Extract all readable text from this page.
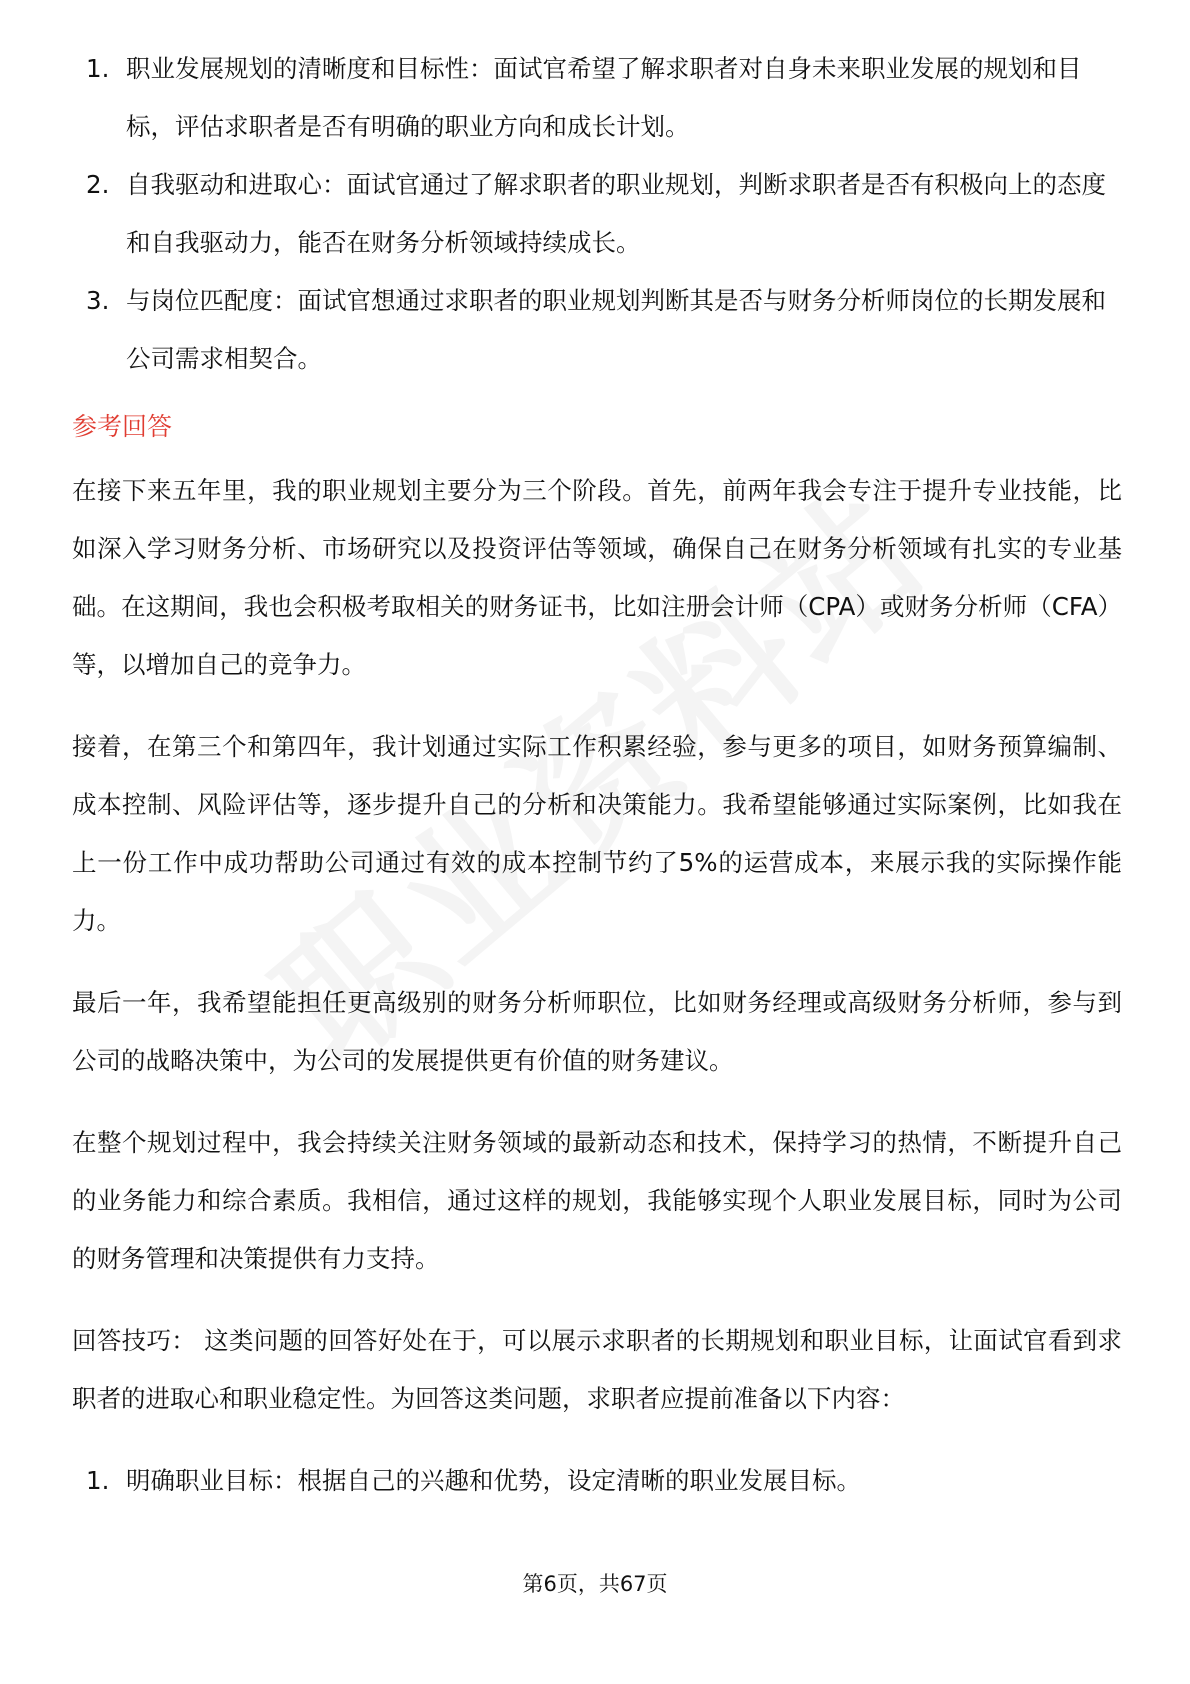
1. 职业发展规划的清晰度和目标性：面试官希望了解求职者对自身未来职业发展的规划和目标，评估求职者是否有明确的职业方向和成长计划。
2. 自我驱动和进取心：面试官通过了解求职者的职业规划，判断求职者是否有积极向上的态度和自我驱动力，能否在财务分析领域持续成长。
3. 与岗位匹配度：面试官想通过求职者的职业规划判断其是否与财务分析师岗位的长期发展和公司需求相契合。
参考回答

在接下来五年里，我的职业规划主要分为三个阶段。首先，前两年我会专注于提升专业技能，比如深入学习财务分析、市场研究以及投资评估等领域，确保自己在财务分析领域有扎实的专业基础。在这期间，我也会积极考取相关的财务证书，比如注册会计师（CPA）或财务分析师（CFA）等，以增加自己的竞争力。

接着，在第三个和第四年，我计划通过实际工作积累经验，参与更多的项目，如财务预算编制、成本控制、风险评估等，逐步提升自己的分析和决策能力。我希望能够通过实际案例，比如我在上一份工作中成功帮助公司通过有效的成本控制节约了5%的运营成本，来展示我的实际操作能力。

最后一年，我希望能担任更高级别的财务分析师职位，比如财务经理或高级财务分析师，参与到公司的战略决策中，为公司的发展提供更有价值的财务建议。

在整个规划过程中，我会持续关注财务领域的最新动态和技术，保持学习的热情，不断提升自己的业务能力和综合素质。我相信，通过这样的规划，我能够实现个人职业发展目标，同时为公司的财务管理和决策提供有力支持。

回答技巧： 这类问题的回答好处在于，可以展示求职者的长期规划和职业目标，让面试官看到求职者的进取心和职业稳定性。为回答这类问题，求职者应提前准备以下内容：

1. 明确职业目标：根据自己的兴趣和优势，设定清晰的职业发展目标。
第6页，共67页
